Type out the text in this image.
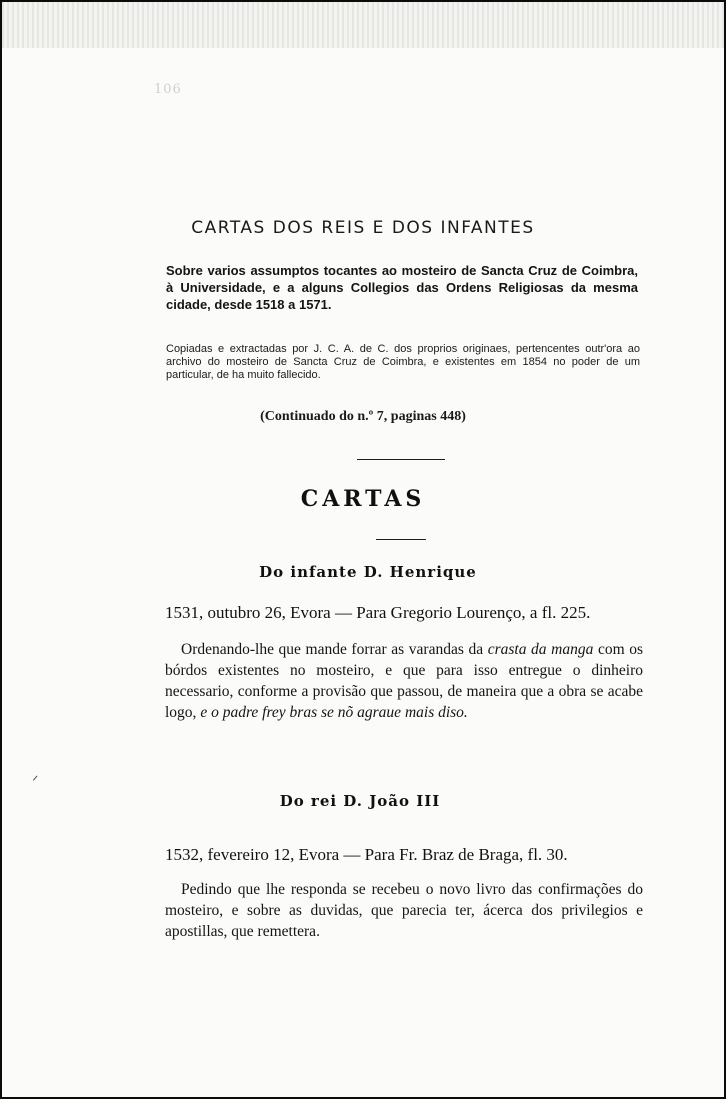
106
CARTAS DOS REIS E DOS INFANTES
Sobre varios assumptos tocantes ao mosteiro de Sancta Cruz de Coimbra, à Universidade, e a alguns Collegios das Ordens Religiosas da mesma cidade, desde 1518 a 1571.
Copiadas e extractadas por J. C. A. de C. dos proprios originaes, pertencentes outr'ora ao archivo do mosteiro de Sancta Cruz de Coimbra, e existentes em 1854 no poder de um particular, de ha muito fallecido.
(Continuado do n.º 7, paginas 448)
CARTAS
Do infante D. Henrique
1531, outubro 26, Evora — Para Gregorio Lourenço, a fl. 225.
Ordenando-lhe que mande forrar as varandas da crasta da manga com os bórdos existentes no mosteiro, e que para isso entregue o dinheiro necessario, conforme a provisão que passou, de maneira que a obra se acabe logo, e o padre frey bras se nõ agraue mais diso.
Do rei D. João III
1532, fevereiro 12, Evora — Para Fr. Braz de Braga, fl. 30.
Pedindo que lhe responda se recebeu o novo livro das confirmações do mosteiro, e sobre as duvidas, que parecia ter, ácerca dos privilegios e apostillas, que remettera.
